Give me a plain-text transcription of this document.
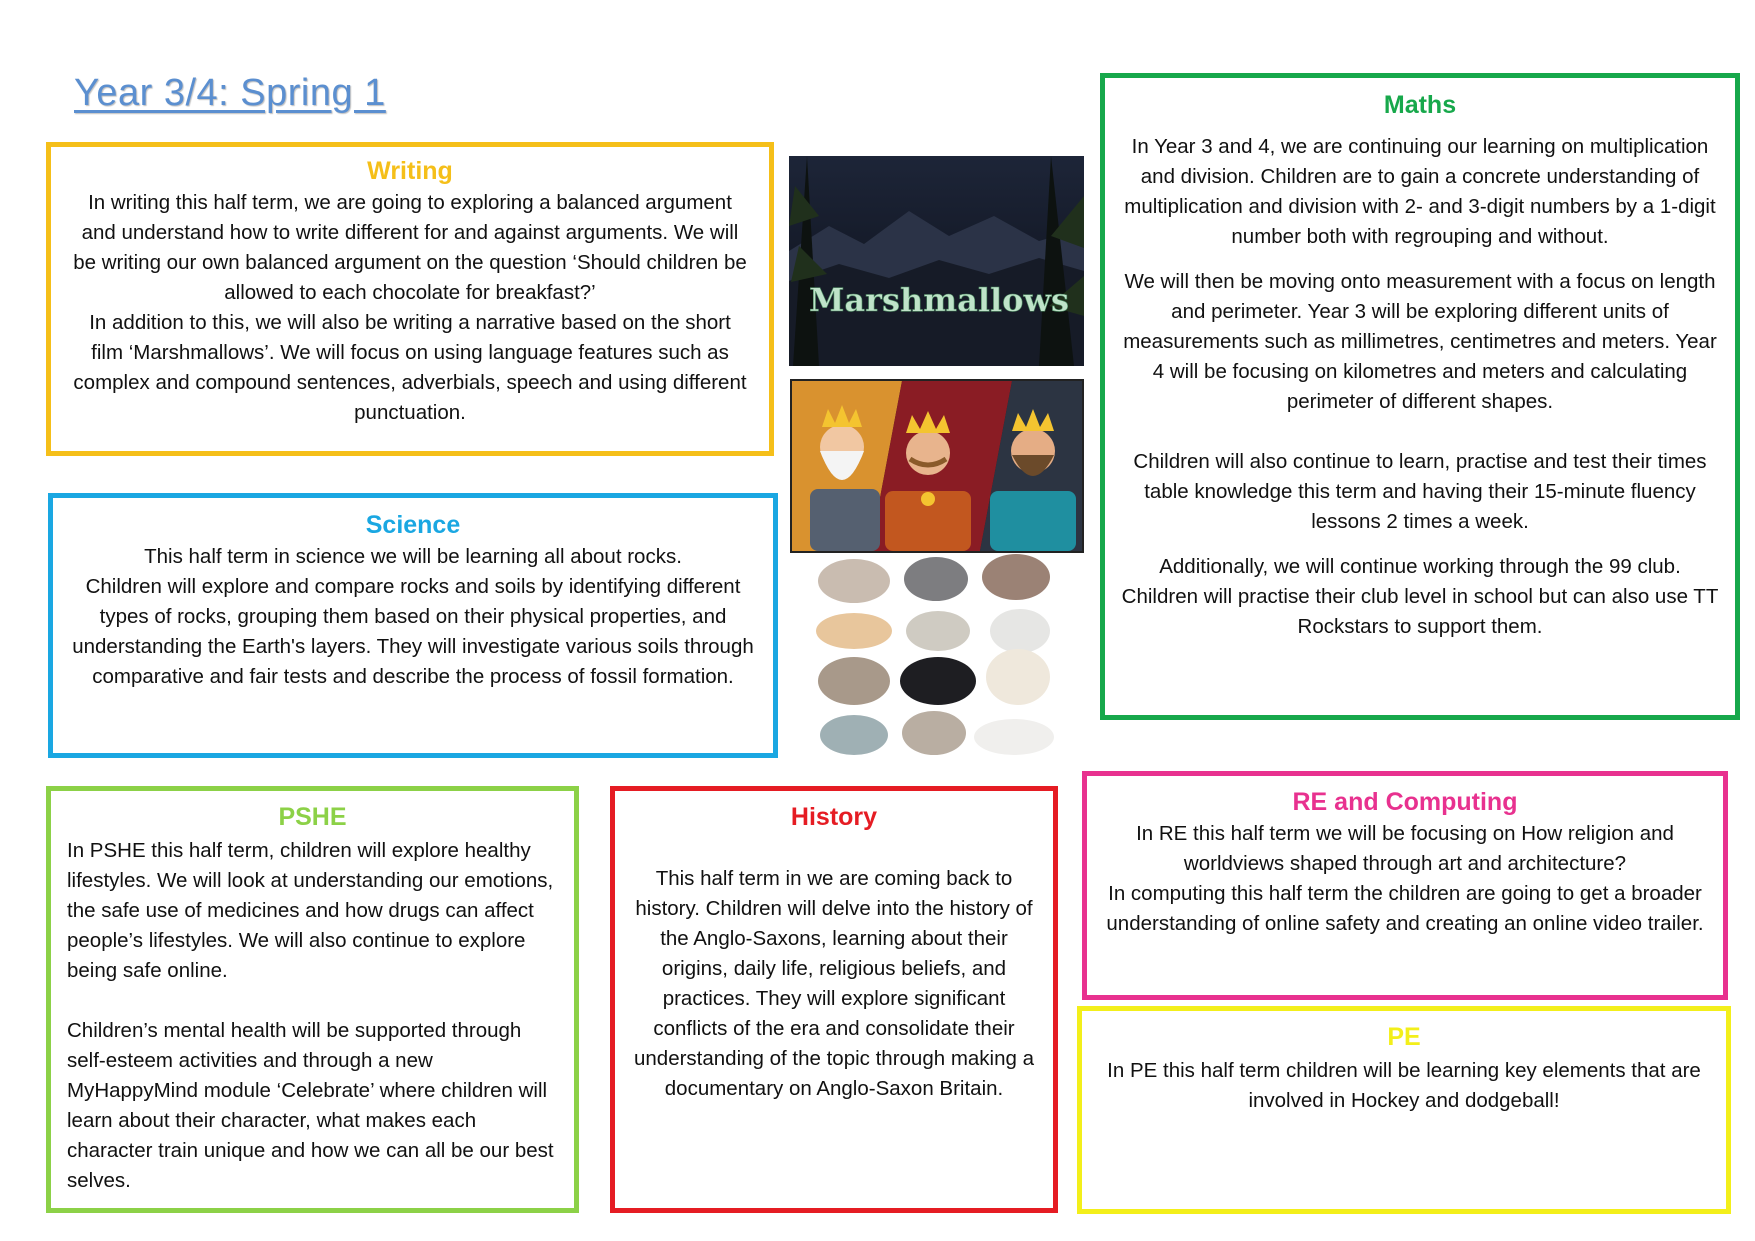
Year 3/4: Spring 1
Writing

In writing this half term, we are going to exploring a balanced argument and understand how to write different for and against arguments. We will be writing our own balanced argument on the question ‘Should children be allowed to each chocolate for breakfast?’

In addition to this, we will also be writing a narrative based on the short film ‘Marshmallows’. We will focus on using language features such as complex and compound sentences, adverbials, speech and using different punctuation.

Science

This half term in science we will be learning all about rocks.

Children will explore and compare rocks and soils by identifying different types of rocks, grouping them based on their physical properties, and understanding the Earth's layers. They will investigate various soils through comparative and fair tests and describe the process of fossil formation.

Maths

In Year 3 and 4, we are continuing our learning on multiplication and division. Children are to gain a concrete understanding of multiplication and division with 2- and 3-digit numbers by a 1-digit number both with regrouping and without.

We will then be moving onto measurement with a focus on length and perimeter. Year 3 will be exploring different units of measurements such as millimetres, centimetres and meters. Year 4 will be focusing on kilometres and meters and calculating perimeter of different shapes.

Children will also continue to learn, practise and test their times table knowledge this term and having their 15-minute fluency lessons 2 times a week.

Additionally, we will continue working through the 99 club. Children will practise their club level in school but can also use TT Rockstars to support them.

PSHE

In PSHE this half term, children will explore healthy lifestyles. We will look at understanding our emotions, the safe use of medicines and how drugs can affect people’s lifestyles. We will also continue to explore being safe online.

Children’s mental health will be supported through self-esteem activities and through a new MyHappyMind module ‘Celebrate’ where children will learn about their character, what makes each character train unique and how we can all be our best selves.

History

This half term in we are coming back to history. Children will delve into the history of the Anglo-Saxons, learning about their origins, daily life, religious beliefs, and practices. They will explore significant conflicts of the era and consolidate their understanding of the topic through making a documentary on Anglo-Saxon Britain.

RE and Computing

In RE this half term we will be focusing on How religion and worldviews shaped through art and architecture?

In computing this half term the children are going to get a broader understanding of online safety and creating an online video trailer.

PE

In PE this half term children will be learning key elements that are involved in Hockey and dodgeball!

Marshmallows
